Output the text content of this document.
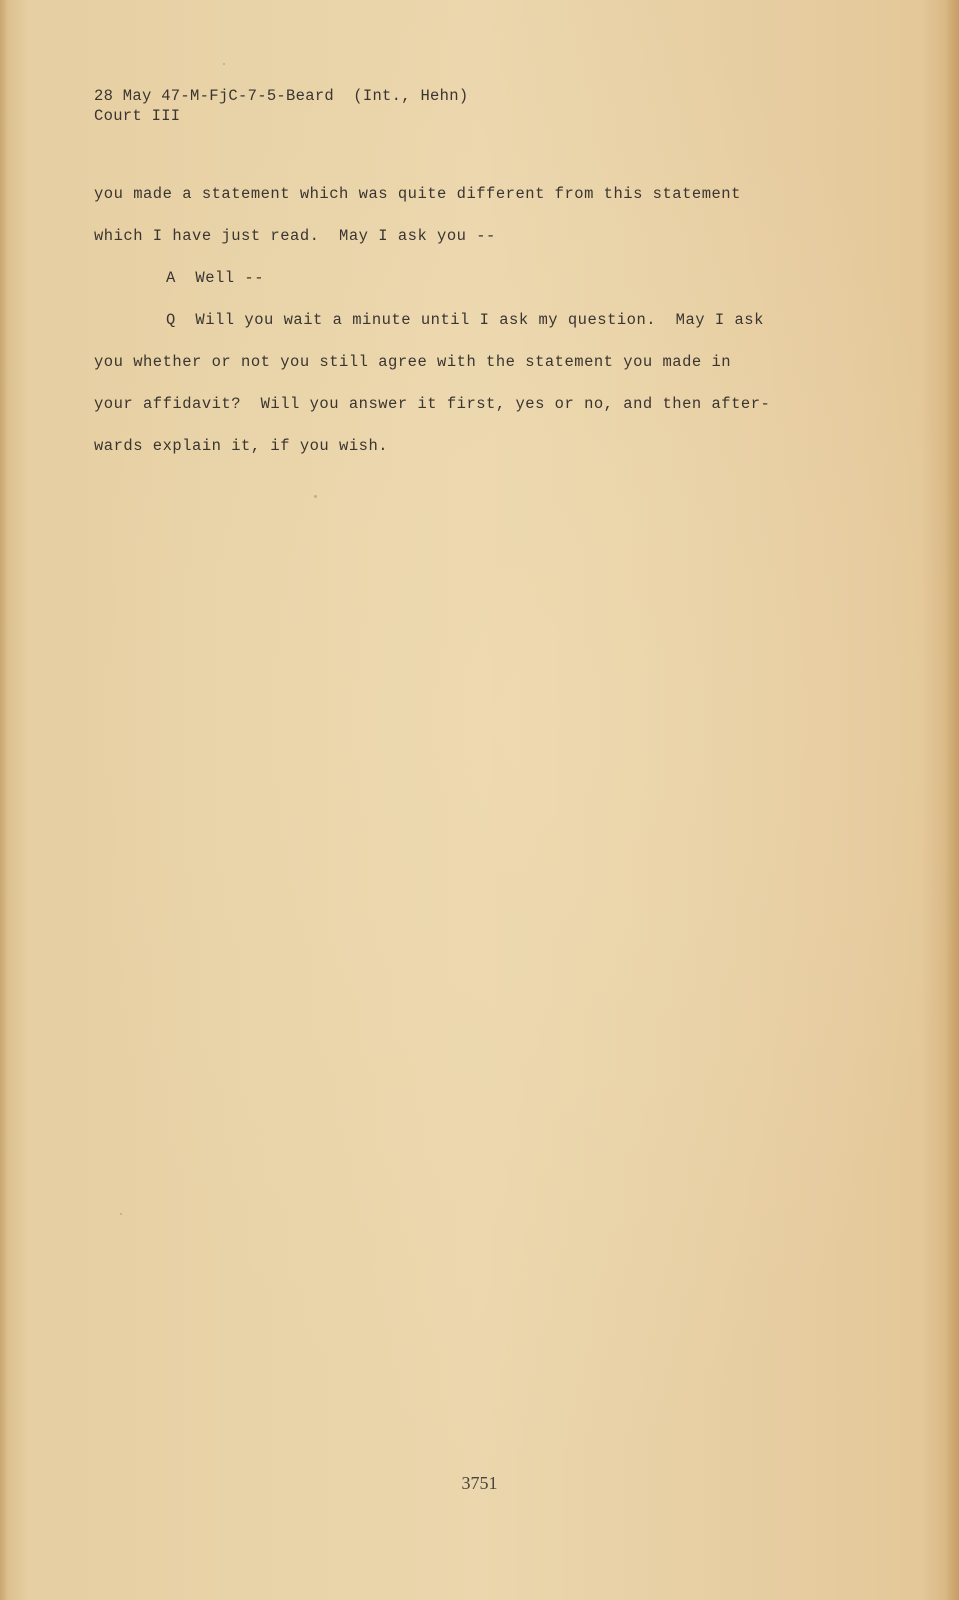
28 May 47-M-FjC-7-5-Beard  (Int., Hehn)
Court III
you made a statement which was quite different from this statement
which I have just read.  May I ask you --
A  Well --
Q  Will you wait a minute until I ask my question.  May I ask
you whether or not you still agree with the statement you made in
your affidavit?  Will you answer it first, yes or no, and then after-
wards explain it, if you wish.
3751
